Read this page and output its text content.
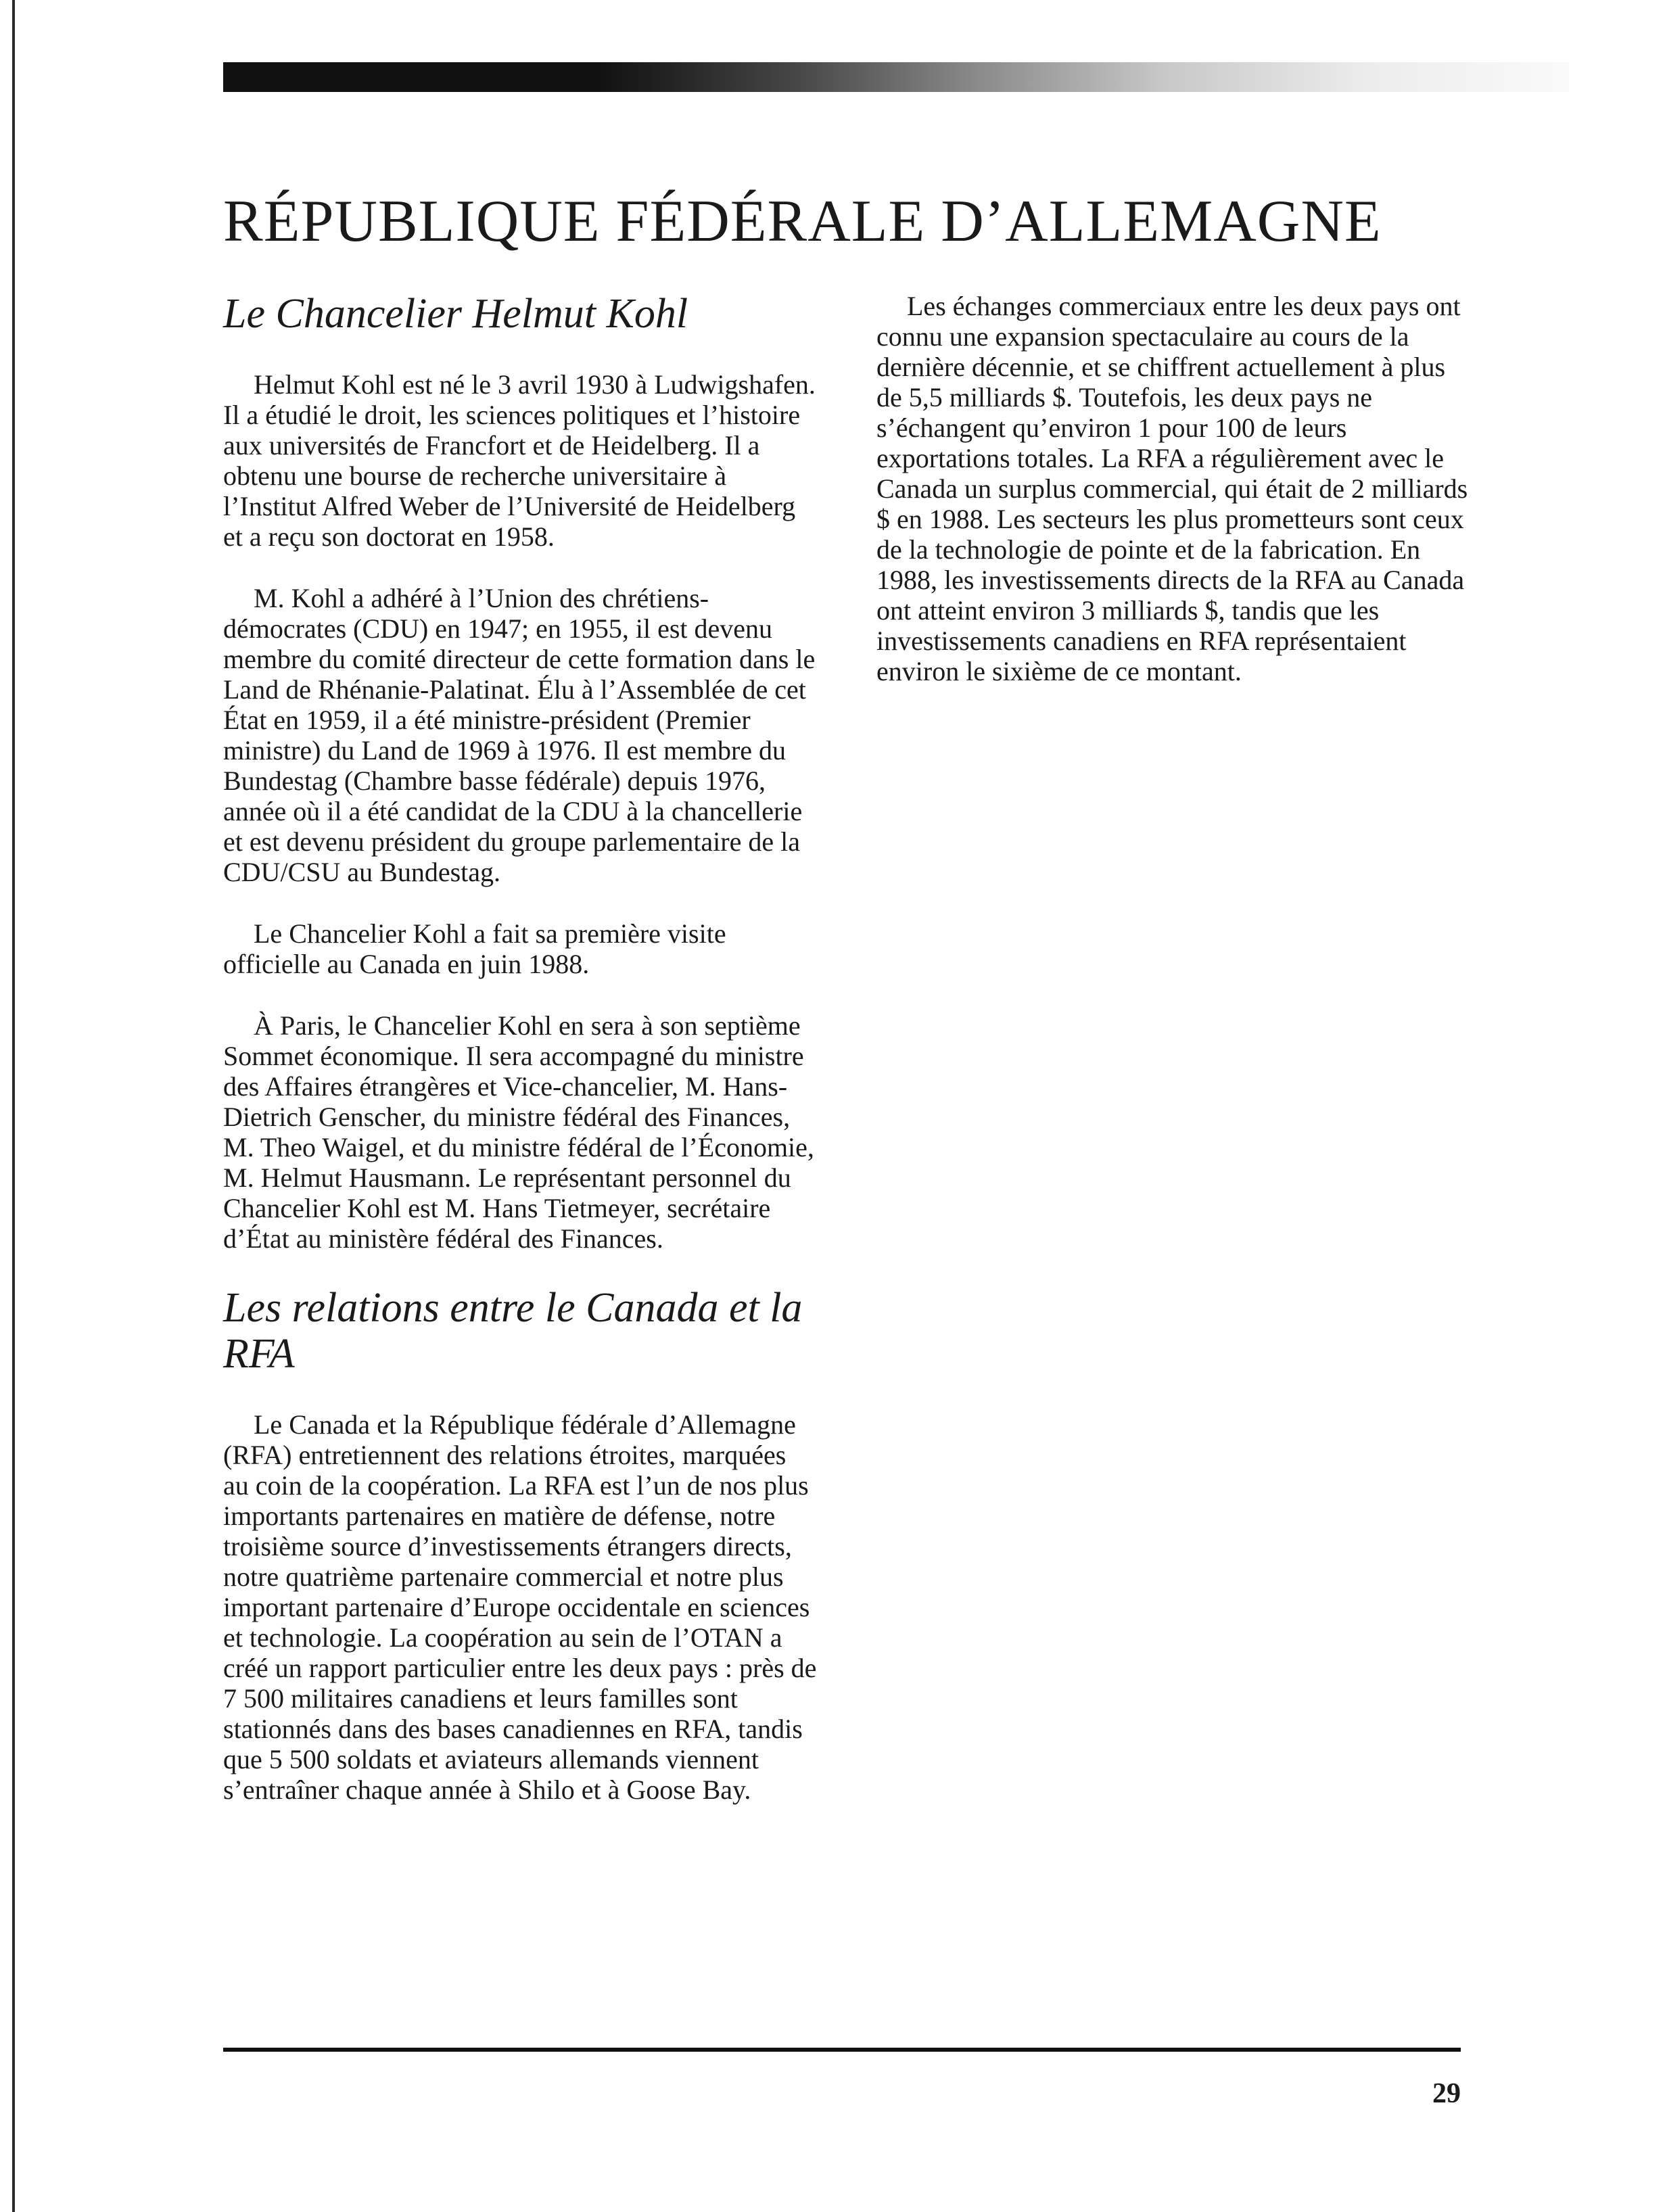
RÉPUBLIQUE FÉDÉRALE D’ALLEMAGNE
Le Chancelier Helmut Kohl

Helmut Kohl est né le 3 avril 1930 à Ludwigshafen. Il a étudié le droit, les sciences politiques et l’histoire aux universités de Francfort et de Heidelberg. Il a obtenu une bourse de recherche universitaire à l’Institut Alfred Weber de l’Université de Heidelberg et a reçu son doctorat en 1958.

M. Kohl a adhéré à l’Union des chrétiens-démocrates (CDU) en 1947; en 1955, il est devenu membre du comité directeur de cette formation dans le Land de Rhénanie-Palatinat. Élu à l’Assemblée de cet État en 1959, il a été ministre-président (Premier ministre) du Land de 1969 à 1976. Il est membre du Bundestag (Chambre basse fédérale) depuis 1976, année où il a été candidat de la CDU à la chancellerie et est devenu président du groupe parlementaire de la CDU/CSU au Bundestag.

Le Chancelier Kohl a fait sa première visite officielle au Canada en juin 1988.

À Paris, le Chancelier Kohl en sera à son septième Sommet économique. Il sera accompagné du ministre des Affaires étrangères et Vice-chancelier, M. Hans-Dietrich Genscher, du ministre fédéral des Finances, M. Theo Waigel, et du ministre fédéral de l’Économie, M. Helmut Hausmann. Le représentant personnel du Chancelier Kohl est M. Hans Tietmeyer, secrétaire d’État au ministère fédéral des Finances.

Les relations entre le Canada et la RFA

Le Canada et la République fédérale d’Allemagne (RFA) entretiennent des relations étroites, marquées au coin de la coopération. La RFA est l’un de nos plus importants partenaires en matière de défense, notre troisième source d’investissements étrangers directs, notre quatrième partenaire commercial et notre plus important partenaire d’Europe occidentale en sciences et technologie. La coopération au sein de l’OTAN a créé un rapport particulier entre les deux pays : près de 7 500 militaires canadiens et leurs familles sont stationnés dans des bases canadiennes en RFA, tandis que 5 500 soldats et aviateurs allemands viennent s’entraîner chaque année à Shilo et à Goose Bay.

Les échanges commerciaux entre les deux pays ont connu une expansion spectaculaire au cours de la dernière décennie, et se chiffrent actuellement à plus de 5,5 milliards $. Toutefois, les deux pays ne s’échangent qu’environ 1 pour 100 de leurs exportations totales. La RFA a régulièrement avec le Canada un surplus commercial, qui était de 2 milliards $ en 1988. Les secteurs les plus prometteurs sont ceux de la technologie de pointe et de la fabrication. En 1988, les investissements directs de la RFA au Canada ont atteint environ 3 milliards $, tandis que les investissements canadiens en RFA représentaient environ le sixième de ce montant.

29
